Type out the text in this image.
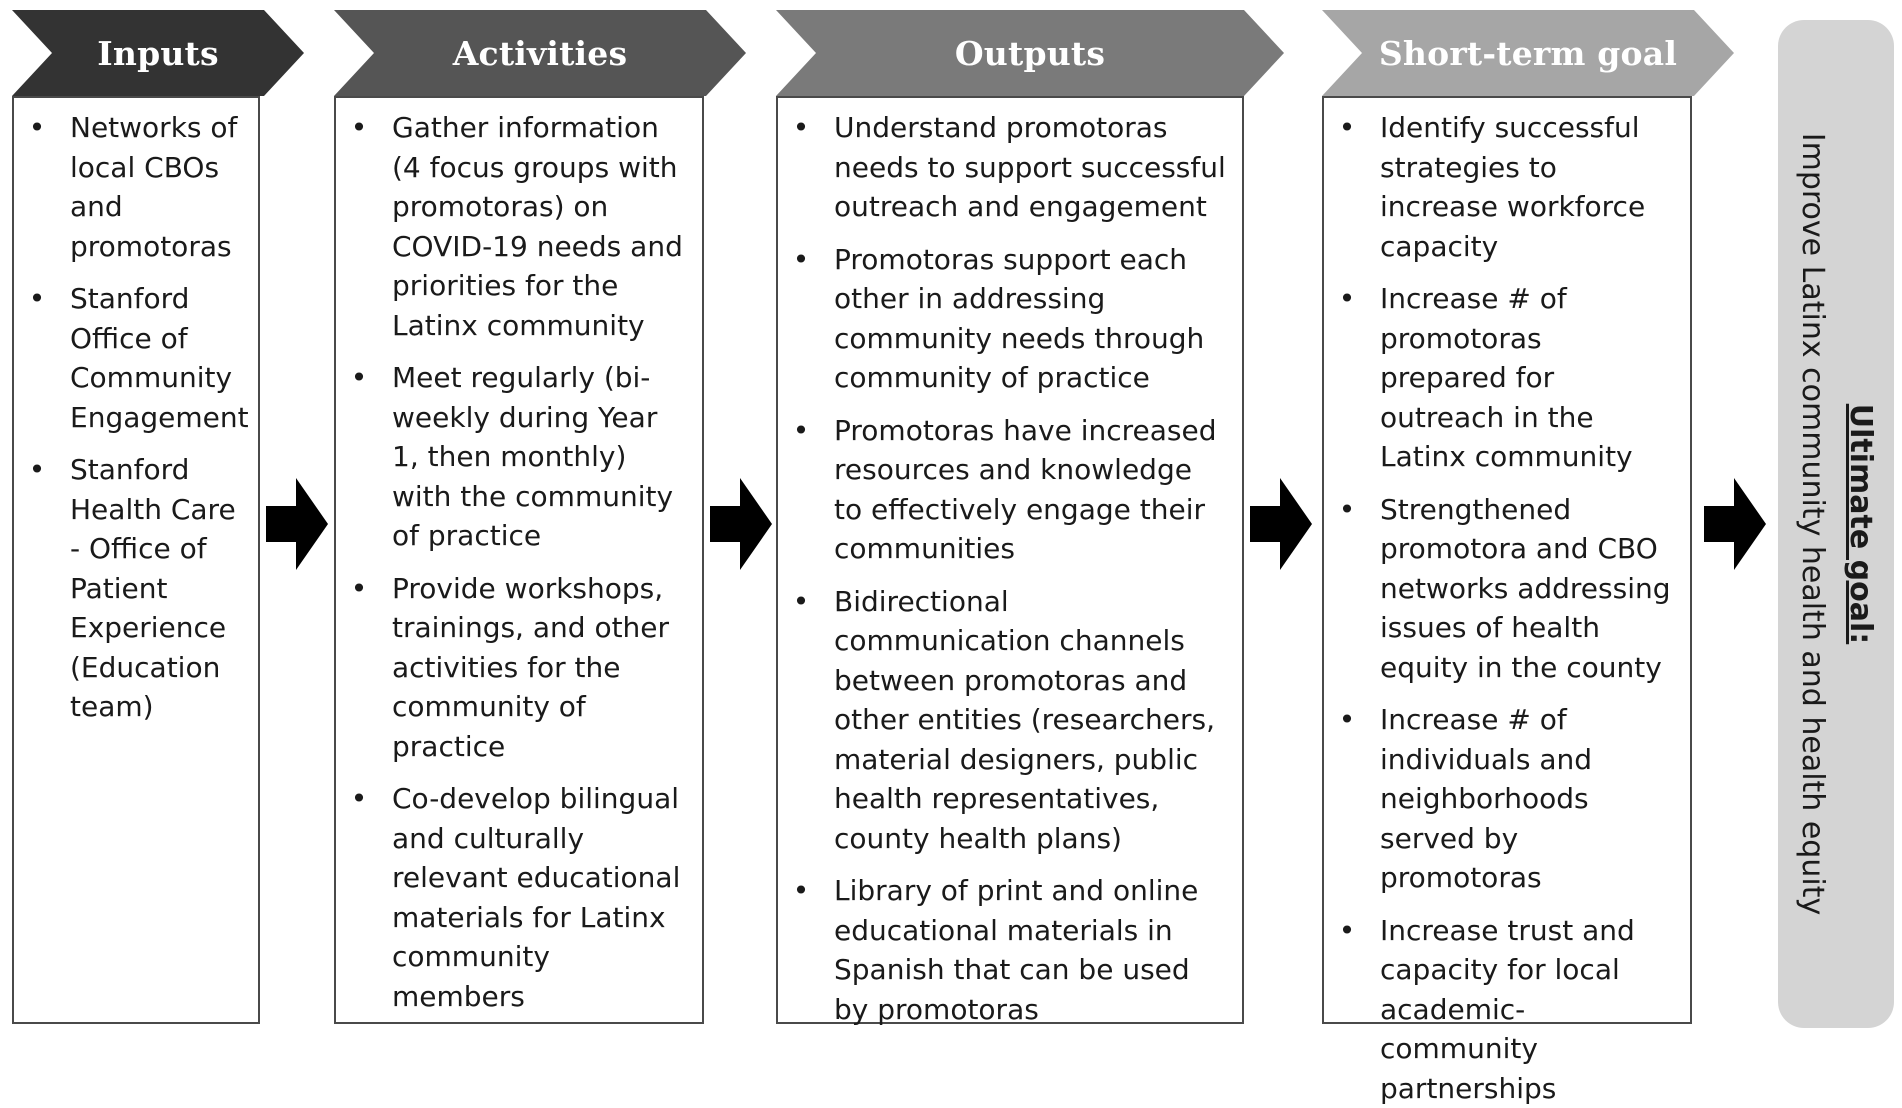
Inputs
• Networks of local CBOs and promotoras
• Stanford Office of Community Engagement
• Stanford Health Care - Office of Patient Experience (Education team)
Activities
• Gather information (4 focus groups with promotoras) on COVID-19 needs and priorities for the Latinx community
• Meet regularly (bi-weekly during Year 1, then monthly) with the community of practice
• Provide workshops, trainings, and other activities for the community of practice
• Co-develop bilingual and culturally relevant educational materials for Latinx community members
Outputs
• Understand promotoras needs to support successful outreach and engagement
• Promotoras support each other in addressing community needs through community of practice
• Promotoras have increased resources and knowledge to effectively engage their communities
• Bidirectional communication channels between promotoras and other entities (researchers, material designers, public health representatives, county health plans)
• Library of print and online educational materials in Spanish that can be used by promotoras
Short-term goal
• Identify successful strategies to increase workforce capacity
• Increase # of promotoras prepared for outreach in the Latinx community
• Strengthened promotora and CBO networks addressing issues of health equity in the county
• Increase # of individuals and neighborhoods served by promotoras
• Increase trust and capacity for local academic-community partnerships
Ultimate goal:
Improve Latinx community health and health equity
